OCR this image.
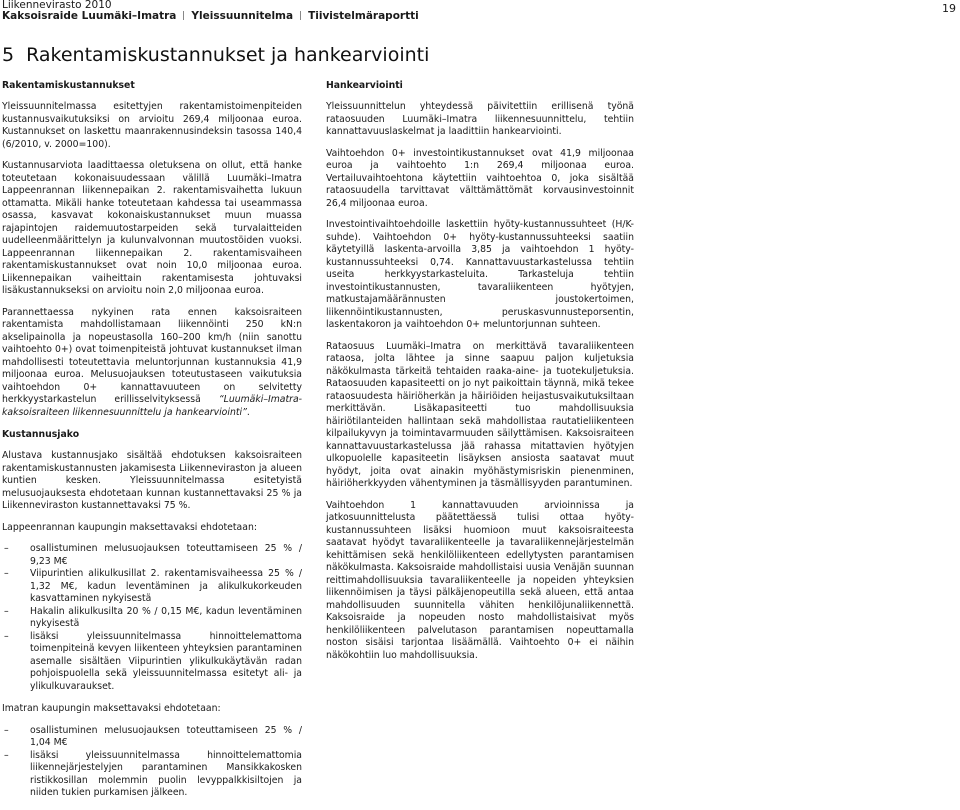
Liikennevirasto 2010
Kaksoisraide Luumäki–Imatra Yleissuunnitelma Tiivistelmäraportti
19
5 Rakentamiskustannukset ja hankearviointi
Rakentamiskustannukset

Yleissuunnitelmassa esitettyjen rakentamistoimenpiteiden kustannusvaikutuksiksi on arvioitu 269,4 miljoonaa euroa. Kustannukset on laskettu maanrakennusindeksin tasossa 140,4 (6/2010, v. 2000=100).

Kustannusarviota laadittaessa oletuksena on ollut, että hanke toteutetaan kokonaisuudessaan välillä Luumäki–Imatra Lappeenrannan liikennepaikan 2. rakentamisvaihetta lukuun ottamatta. Mikäli hanke toteutetaan kahdessa tai useammassa osassa, kasvavat kokonaiskustannukset muun muassa rajapintojen raidemuutostarpeiden sekä turvalaitteiden uudelleenmäärittelyn ja kulunvalvonnan muutostöiden vuoksi. Lappeenrannan liikennepaikan 2. rakentamisvaiheen rakentamiskustannukset ovat noin 10,0 miljoonaa euroa. Liikennepaikan vaiheittain rakentamisesta johtuvaksi lisäkustannukseksi on arvioitu noin 2,0 miljoonaa euroa.

Parannettaessa nykyinen rata ennen kaksoisraiteen rakentamista mahdollistamaan liikennöinti 250 kN:n akselipainolla ja nopeustasolla 160–200 km/h (niin sanottu vaihtoehto 0+) ovat toimenpiteistä johtuvat kustannukset ilman mahdollisesti toteutettavia meluntorjunnan kustannuksia 41,9 miljoonaa euroa. Melusuojauksen toteutustaseen vaikutuksia vaihtoehdon 0+ kannattavuuteen on selvitetty herkkyystarkastelun erillisselvityksessä “Luumäki–Imatra-kaksoisraiteen liikennesuunnittelu ja hankearviointi”.

Kustannusjako

Alustava kustannusjako sisältää ehdotuksen kaksoisraiteen rakentamiskustannusten jakamisesta Liikenneviraston ja alueen kuntien kesken. Yleissuunnitelmassa esitetyistä melusuojauksesta ehdotetaan kunnan kustannettavaksi 25 % ja Liikenneviraston kustannettavaksi 75 %.

Lappeenrannan kaupungin maksettavaksi ehdotetaan:

– osallistuminen melusuojauksen toteuttamiseen 25 % / 9,23 M€
– Viipurintien alikulkusillat 2. rakentamisvaiheessa 25 % / 1,32 M€, kadun leventäminen ja alikulkukorkeuden kasvattaminen nykyisestä
– Hakalin alikulkusilta 20 % / 0,15 M€, kadun leventäminen nykyisestä
– lisäksi yleissuunnitelmassa hinnoittelemattoma toimenpiteinä kevyen liikenteen yhteyksien parantaminen asemalle sisältäen Viipurintien ylikulkukäytävän radan pohjoispuolella sekä yleissuunnitelmassa esitetyt ali- ja ylikulkuvaraukset.

Imatran kaupungin maksettavaksi ehdotetaan:

– osallistuminen melusuojauksen toteuttamiseen 25 % / 1,04 M€
– lisäksi yleissuunnitelmassa hinnoittelemattomia liikennejärjestelyjen parantaminen Mansikkakosken ristikkosillan molemmin puolin levyppalkkisiltojen ja niiden tukien purkamisen jälkeen.
Hankearviointi

Yleissuunnittelun yhteydessä päivitettiin erillisenä työnä rataosuuden Luumäki–Imatra liikennesuunnittelu, tehtiin kannattavuuslaskelmat ja laadittiin hankearviointi.

Vaihtoehdon 0+ investointikustannukset ovat 41,9 miljoonaa euroa ja vaihtoehto 1:n 269,4 miljoonaa euroa. Vertailuvaihtoehtona käytettiin vaihtoehtoa 0, joka sisältää rataosuudella tarvittavat välttämättömät korvausinvestoinnit 26,4 miljoonaa euroa.

Investointivaihtoehdoille laskettiin hyöty-kustannussuhteet (H/K-suhde). Vaihtoehdon 0+ hyöty-kustannussuhteeksi saatiin käytetyillä laskenta-arvoilla 3,85 ja vaihtoehdon 1 hyöty-kustannussuhteeksi 0,74. Kannattavuustarkastelussa tehtiin useita herkkyystarkasteluita. Tarkasteluja tehtiin investointikustannusten, tavaraliikenteen hyötyjen, matkustajamäärännusten joustokertoimen, liikennöintikustannusten, peruskasvunnusteporsentin, laskentakoron ja vaihtoehdon 0+ meluntorjunnan suhteen.

Rataosuus Luumäki–Imatra on merkittävä tavaraliikenteen rataosa, jolta lähtee ja sinne saapuu paljon kuljetuksia näkökulmasta tärkeitä tehtaiden raaka-aine- ja tuotekuljetuksia. Rataosuuden kapasiteetti on jo nyt paikoittain täynnä, mikä tekee rataosuudesta häiriöherkän ja häiriöiden heijastusvaikutuksiltaan merkittävän. Lisäkapasiteetti tuo mahdollisuuksia häiriötilanteiden hallintaan sekä mahdollistaa rautatieliikenteen kilpailukyvyn ja toimintavarmuuden säilyttämisen. Kaksoisraiteen kannattavuustarkastelussa jää rahassa mitattavien hyötyjen ulkopuolelle kapasiteetin lisäyksen ansiosta saatavat muut hyödyt, joita ovat ainakin myöhästymisriskin pienenminen, häiriöherkkyyden vähentyminen ja täsmällisyyden parantuminen.

Vaihtoehdon 1 kannattavuuden arvioinnissa ja jatkosuunnittelusta päätettäessä tulisi ottaa hyöty-kustannussuhteen lisäksi huomioon muut kaksoisraiteesta saatavat hyödyt tavaraliikenteelle ja tavaraliikennejärjestelmän kehittämisen sekä henkilöliikenteen edellytysten parantamisen näkökulmasta. Kaksoisraide mahdollistaisi uusia Venäjän suunnan reittimahdollisuuksia tavaraliikenteelle ja nopeiden yhteyksien liikennöimisen ja täysi pälkäjenopeutilla sekä alueen, että antaa mahdollisuuden suunnitella vähiten henkilöjunaliikennettä. Kaksoisraide ja nopeuden nosto mahdollistaisivat myös henkilöliikenteen palvelutason parantamisen nopeuttamalla noston sisäisi tarjontaa lisäämällä. Vaihtoehto 0+ ei näihin näkökohtiin luo mahdollisuuksia.
